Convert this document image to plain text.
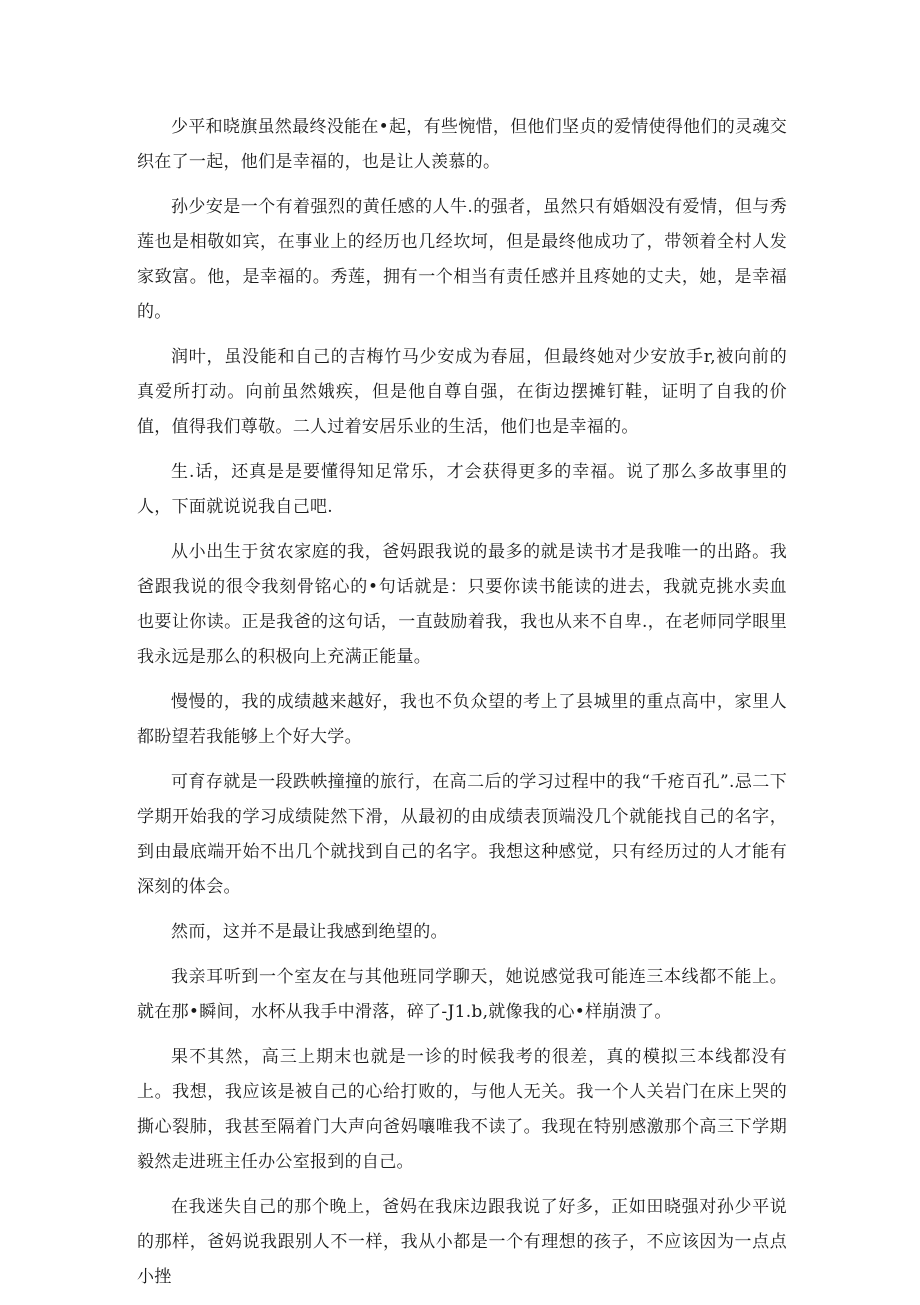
少平和晓旗虽然最终没能在•起，有些惋惜，但他们坚贞的爱情使得他们的灵魂交织在了一起，他们是幸福的，也是让人羡慕的。

孙少安是一个有着强烈的黄任感的人牛.的强者，虽然只有婚姻没有爱情，但与秀莲也是相敬如宾，在事业上的经历也几经坎坷，但是最终他成功了，带领着全村人发家致富。他，是幸福的。秀莲，拥有一个相当有责任感并且疼她的丈夫，她，是幸福的。

润叶，虽没能和自己的吉梅竹马少安成为春屈，但最终她对少安放手r,被向前的真爱所打动。向前虽然娥疾，但是他自尊自强，在街边摆摊钉鞋，证明了自我的价值，值得我们尊敬。二人过着安居乐业的生活，他们也是幸福的。

生.话，还真是是要懂得知足常乐，才会获得更多的幸福。说了那么多故事里的人，下面就说说我自己吧.

从小出生于贫农家庭的我，爸妈跟我说的最多的就是读书才是我唯一的出路。我爸跟我说的很令我刻骨铭心的•句话就是：只要你读书能读的进去，我就克挑水卖血也要让你读。正是我爸的这句话，一直鼓励着我，我也从来不自卑.，在老师同学眼里我永远是那么的积极向上充满正能量。

慢慢的，我的成绩越来越好，我也不负众望的考上了县城里的重点高中，家里人都盼望若我能够上个好大学。

可育存就是一段跌帙撞撞的旅行，在高二后的学习过程中的我“千疮百孔”.忌二下学期开始我的学习成绩陡然下滑，从最初的由成绩表顶端没几个就能找自己的名字，到由最底端开始不出几个就找到自己的名字。我想这种感觉，只有经历过的人才能有深刻的体会。

然而，这并不是最让我感到绝望的。

我亲耳听到一个室友在与其他班同学聊天，她说感觉我可能连三本线都不能上。就在那•瞬间，水杯从我手中滑落，碎了-J1.b,就像我的心•样崩溃了。

果不其然，高三上期末也就是一诊的时候我考的很差，真的模拟三本线都没有上。我想，我应该是被自己的心给打败的，与他人无关。我一个人关岩门在床上哭的撕心裂肺，我甚至隔着门大声向爸妈嚷唯我不读了。我现在特别感激那个高三下学期毅然走进班主任办公室报到的自己。

在我迷失自己的那个晚上，爸妈在我床边跟我说了好多，正如田晓强对孙少平说的那样，爸妈说我跟别人不一样，我从小都是一个有理想的孩子，不应该因为一点点小挫
